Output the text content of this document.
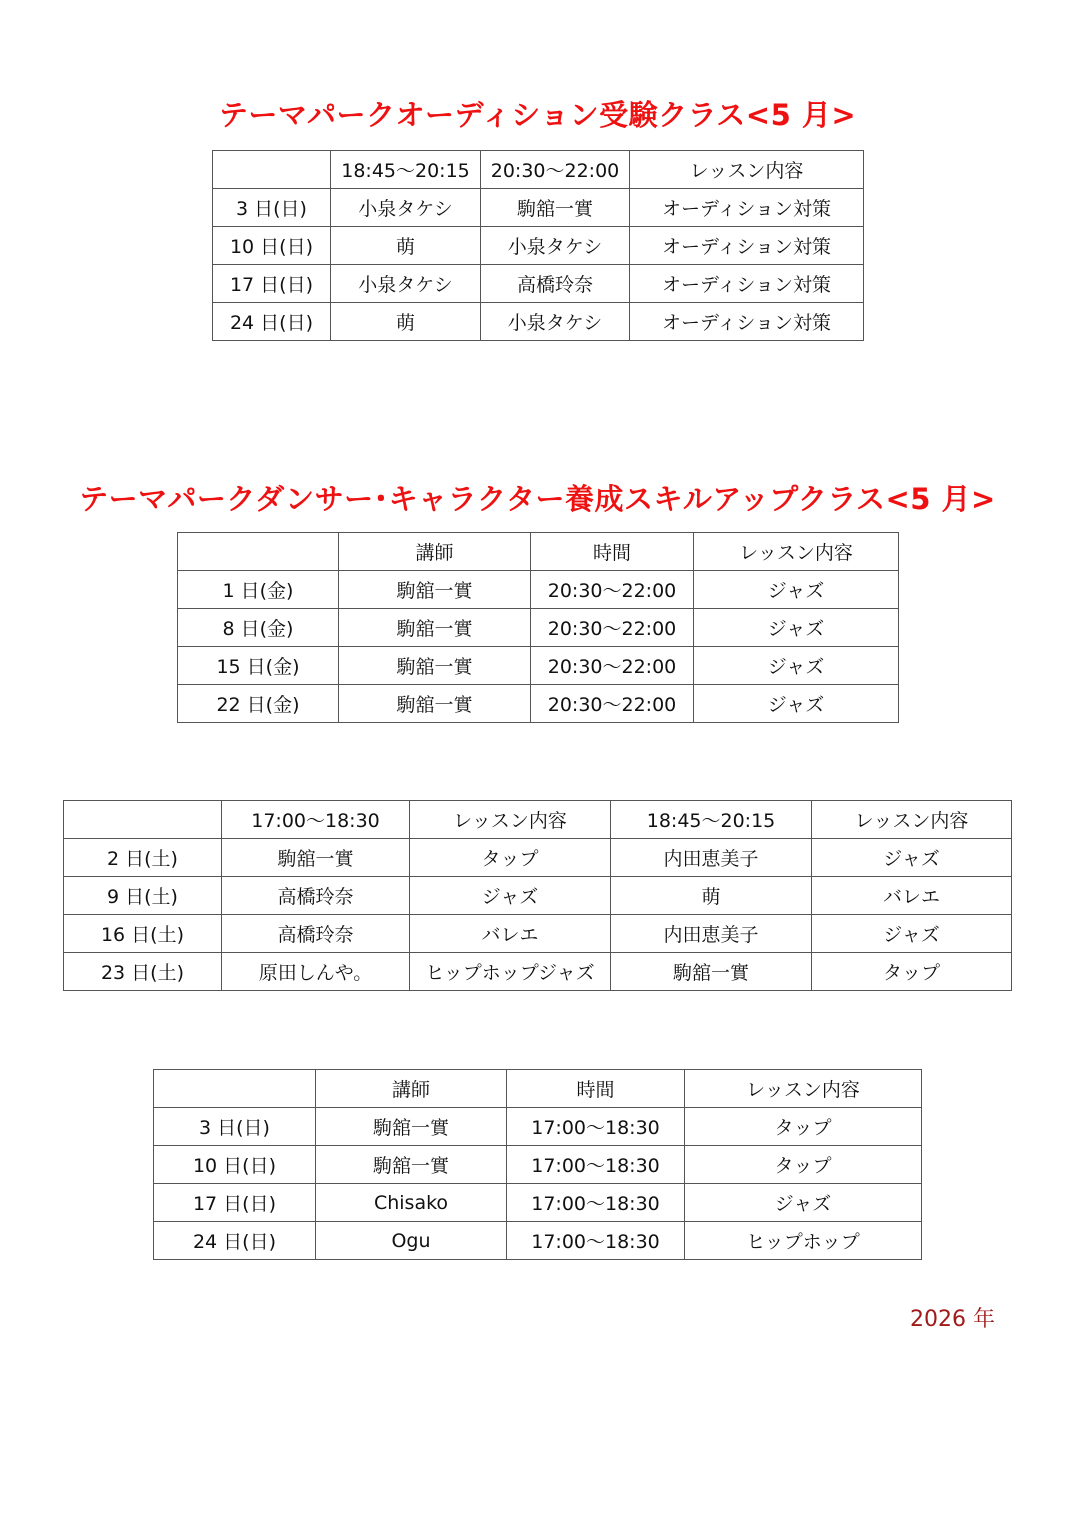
テーマパークオーディション受験クラス<5 月>
	18:45～20:15	20:30～22:00	レッスン内容
3 日(日)	小泉タケシ	駒舘一實	オーディション対策
10 日(日)	萌	小泉タケシ	オーディション対策
17 日(日)	小泉タケシ	高橋玲奈	オーディション対策
24 日(日)	萌	小泉タケシ	オーディション対策
テーマパークダンサー･キャラクター養成スキルアップクラス<5 月>
	講師	時間	レッスン内容
1 日(金)	駒舘一實	20:30～22:00	ジャズ
8 日(金)	駒舘一實	20:30～22:00	ジャズ
15 日(金)	駒舘一實	20:30～22:00	ジャズ
22 日(金)	駒舘一實	20:30～22:00	ジャズ
	17:00～18:30	レッスン内容	18:45～20:15	レッスン内容
2 日(土)	駒舘一實	タップ	内田恵美子	ジャズ
9 日(土)	高橋玲奈	ジャズ	萌	バレエ
16 日(土)	高橋玲奈	バレエ	内田恵美子	ジャズ
23 日(土)	原田しんや。	ヒップホップジャズ	駒舘一實	タップ
	講師	時間	レッスン内容
3 日(日)	駒舘一實	17:00～18:30	タップ
10 日(日)	駒舘一實	17:00～18:30	タップ
17 日(日)	Chisako	17:00～18:30	ジャズ
24 日(日)	Ogu	17:00～18:30	ヒップホップ
2026 年
